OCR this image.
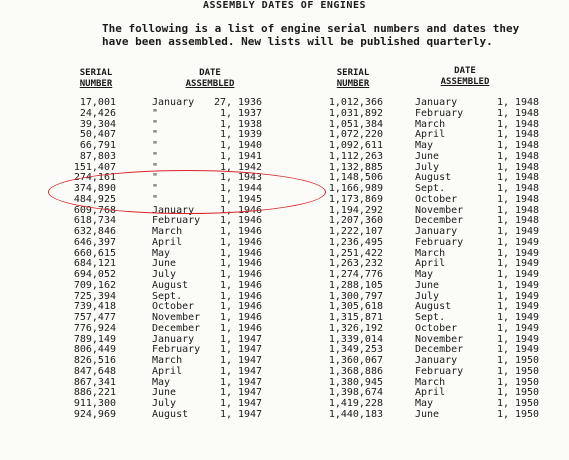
ASSEMBLY DATES OF ENGINES
The following is a list of engine serial numbers and dates they have been assembled. New lists will be published quarterly.
SERIAL
NUMBER
DATE
ASSEMBLED
SERIAL
NUMBER
DATE
ASSEMBLED
17,001	January 27, 1936
24,426	"	1, 1937
39,304	"	1, 1938
50,407	"	1, 1939
66,791	"	1, 1940
87,803	"	1, 1941
151,407	"	1, 1942
274,161	"	1, 1943
374,890	"	1, 1944
484,925	"	1, 1945
609,768	January	1, 1946
618,734	February 1, 1946
632,846	March	1, 1946
646,397	April	1, 1946
660,615	May	1, 1946
684,121	June	1, 1946
694,052	July	1, 1946
709,162	August	1, 1946
725,394	Sept.	1, 1946
739,418	October	1, 1946
757,477	November 1, 1946
776,924	December 1, 1946
789,149	January	1, 1947
806,449	February 1, 1947
826,516	March	1, 1947
847,648	April	1, 1947
867,341	May	1, 1947
886,221	June	1, 1947
911,300	July	1, 1947
924,969	August	1, 1947
1,012,366	January	1, 1948
1,031,892	February	1, 1948
1,051,384	March	1, 1948
1,072,220	April	1, 1948
1,092,611	May	1, 1948
1,112,263	June	1, 1948
1,132,885	July	1, 1948
1,148,506	August	1, 1948
1,166,989	Sept.	1, 1948
1,173,869	October	1, 1948
1,194,292	November	1, 1948
1,207,360	December	1, 1948
1,222,107	January	1, 1949
1,236,495	February	1, 1949
1,251,422	March	1, 1949
1,263,232	April	1, 1949
1,274,776	May	1, 1949
1,288,105	June	1, 1949
1,300,797	July	1, 1949
1,305,618	August	1, 1949
1,315,871	Sept.	1, 1949
1,326,192	October	1, 1949
1,339,014	November	1, 1949
1,349,253	December	1, 1949
1,360,067	January	1, 1950
1,368,886	February	1, 1950
1,380,945	March	1, 1950
1,398,674	April	1, 1950
1,419,228	May	1, 1950
1,440,183	June	1, 1950
